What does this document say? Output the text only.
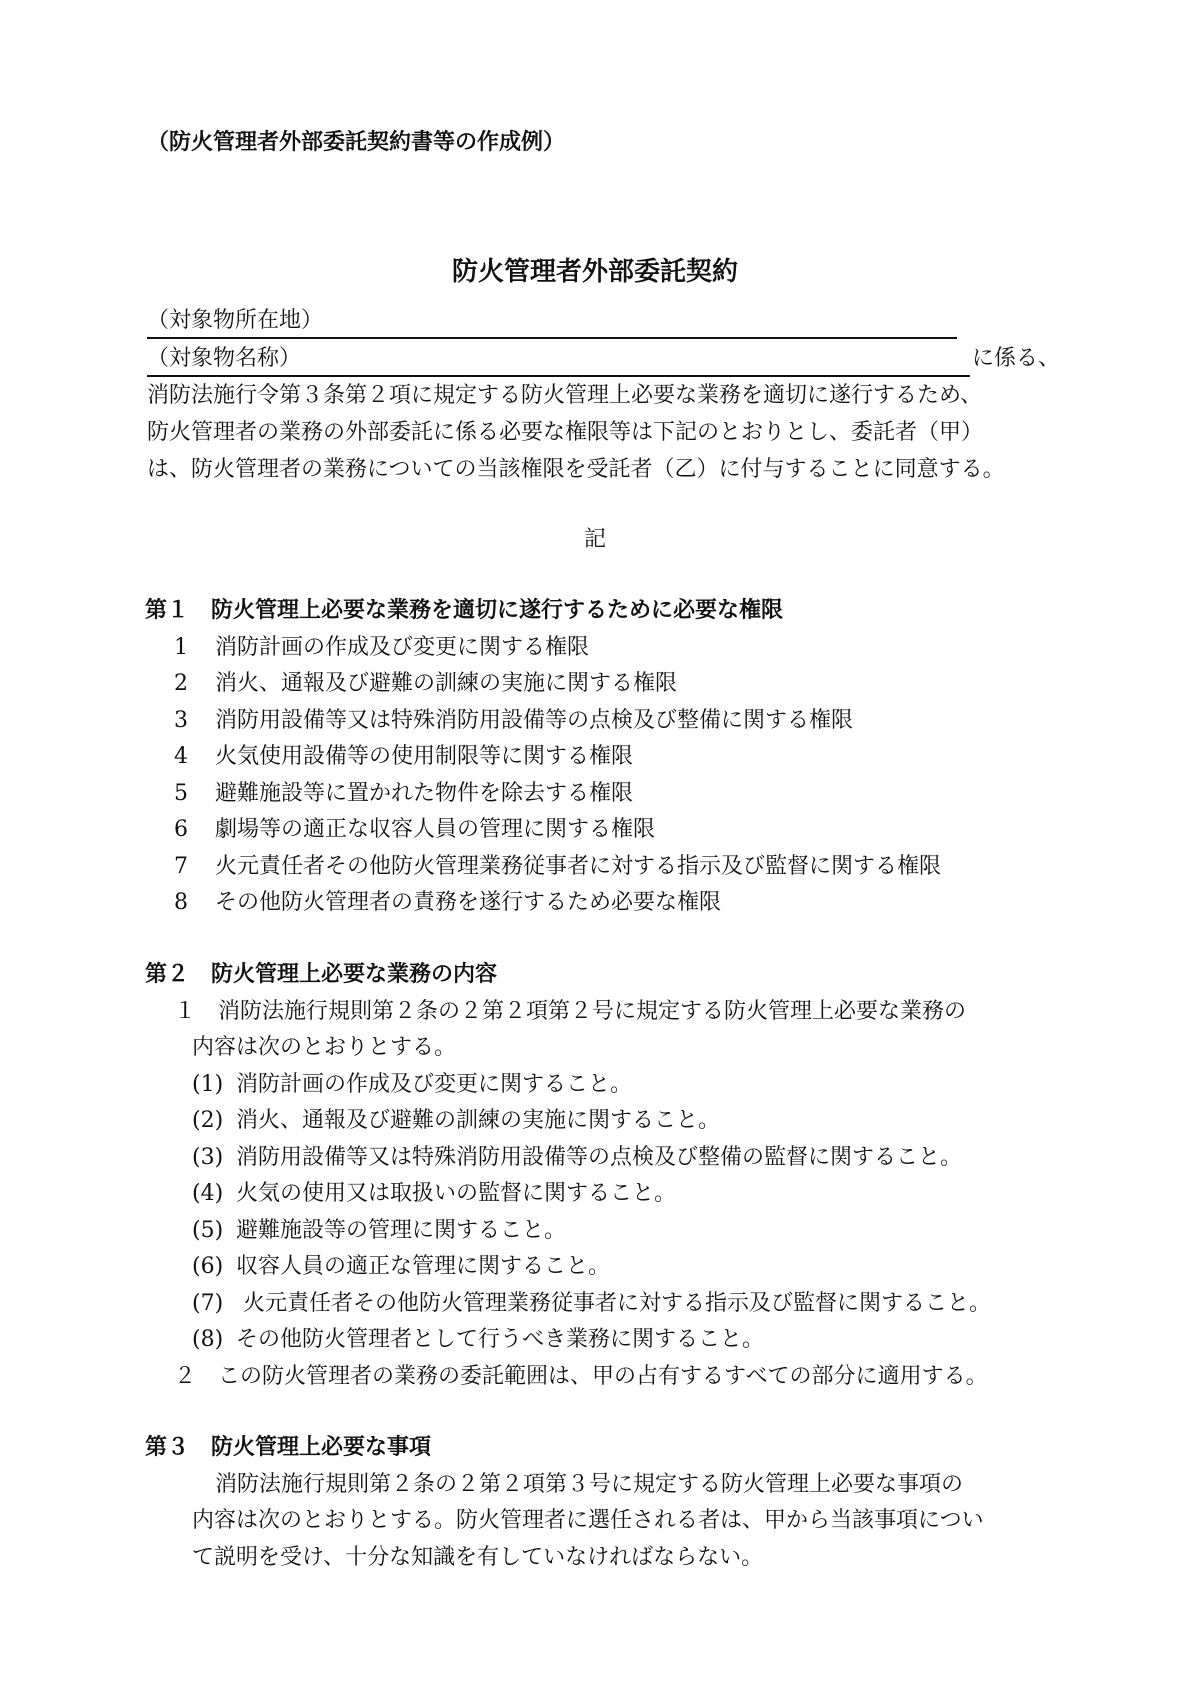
（防火管理者外部委託契約書等の作成例）
防火管理者外部委託契約
（対象物所在地）
（対象物名称）	に係る、
消防法施行令第３条第２項に規定する防火管理上必要な業務を適切に遂行するため、
防火管理者の業務の外部委託に係る必要な権限等は下記のとおりとし、委託者（甲）
は、防火管理者の業務についての当該権限を受託者（乙）に付与することに同意する。
記
第１　防火管理上必要な業務を適切に遂行するために必要な権限
1 消防計画の作成及び変更に関する権限
2 消火、通報及び避難の訓練の実施に関する権限
3 消防用設備等又は特殊消防用設備等の点検及び整備に関する権限
4 火気使用設備等の使用制限等に関する権限
5 避難施設等に置かれた物件を除去する権限
6 劇場等の適正な収容人員の管理に関する権限
7 火元責任者その他防火管理業務従事者に対する指示及び監督に関する権限
8 その他防火管理者の責務を遂行するため必要な権限
第２　防火管理上必要な業務の内容
１　消防法施行規則第２条の２第２項第２号に規定する防火管理上必要な業務の
内容は次のとおりとする。
(1) 消防計画の作成及び変更に関すること。
(2) 消火、通報及び避難の訓練の実施に関すること。
(3) 消防用設備等又は特殊消防用設備等の点検及び整備の監督に関すること。
(4) 火気の使用又は取扱いの監督に関すること。
(5) 避難施設等の管理に関すること。
(6) 収容人員の適正な管理に関すること。
(7) 火元責任者その他防火管理業務従事者に対する指示及び監督に関すること。
(8) その他防火管理者として行うべき業務に関すること。
２　この防火管理者の業務の委託範囲は、甲の占有するすべての部分に適用する。
第３　防火管理上必要な事項
消防法施行規則第２条の２第２項第３号に規定する防火管理上必要な事項の
内容は次のとおりとする。防火管理者に選任される者は、甲から当該事項につい
て説明を受け、十分な知識を有していなければならない。
